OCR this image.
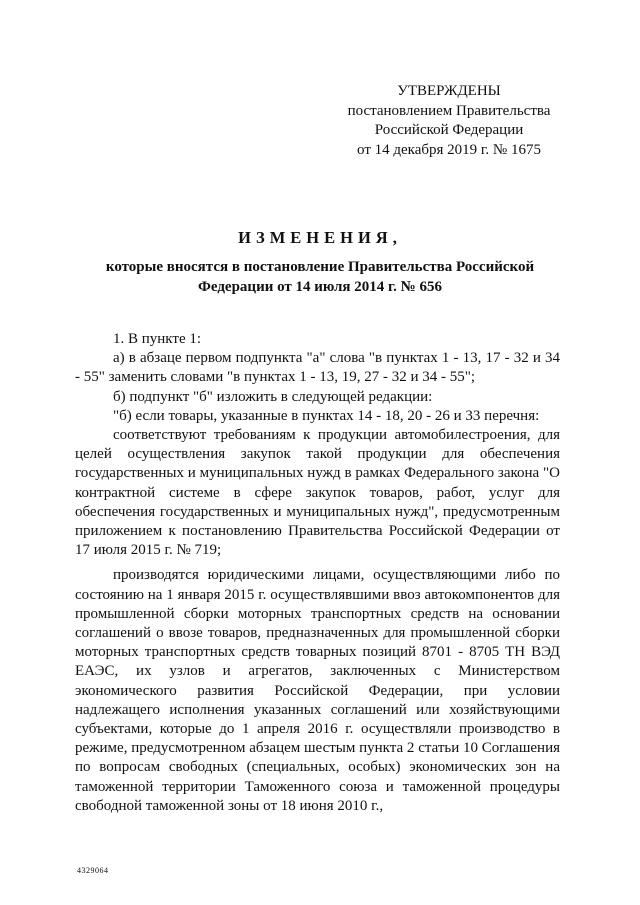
УТВЕРЖДЕНЫ
постановлением Правительства
Российской Федерации
от 14 декабря 2019 г. № 1675
ИЗМЕНЕНИЯ,
которые вносятся в постановление Правительства Российской Федерации от 14 июля 2014 г. № 656

1. В пункте 1:

а) в абзаце первом подпункта "а" слова "в пунктах 1 - 13, 17 - 32 и 34 - 55" заменить словами "в пунктах 1 - 13, 19, 27 - 32 и 34 - 55";

б) подпункт "б" изложить в следующей редакции:

"б) если товары, указанные в пунктах 14 - 18, 20 - 26 и 33 перечня:

соответствуют требованиям к продукции автомобилестроения, для целей осуществления закупок такой продукции для обеспечения государственных и муниципальных нужд в рамках Федерального закона "О контрактной системе в сфере закупок товаров, работ, услуг для обеспечения государственных и муниципальных нужд", предусмотренным приложением к постановлению Правительства Российской Федерации от 17 июля 2015 г. № 719;

производятся юридическими лицами, осуществляющими либо по состоянию на 1 января 2015 г. осуществлявшими ввоз автокомпонентов для промышленной сборки моторных транспортных средств на основании соглашений о ввозе товаров, предназначенных для промышленной сборки моторных транспортных средств товарных позиций 8701 - 8705 ТН ВЭД ЕАЭС, их узлов и агрегатов, заключенных с Министерством экономического развития Российской Федерации, при условии надлежащего исполнения указанных соглашений или хозяйствующими субъектами, которые до 1 апреля 2016 г. осуществляли производство в режиме, предусмотренном абзацем шестым пункта 2 статьи 10 Соглашения по вопросам свободных (специальных, особых) экономических зон на таможенной территории Таможенного союза и таможенной процедуры свободной таможенной зоны от 18 июня 2010 г.,

4329064
